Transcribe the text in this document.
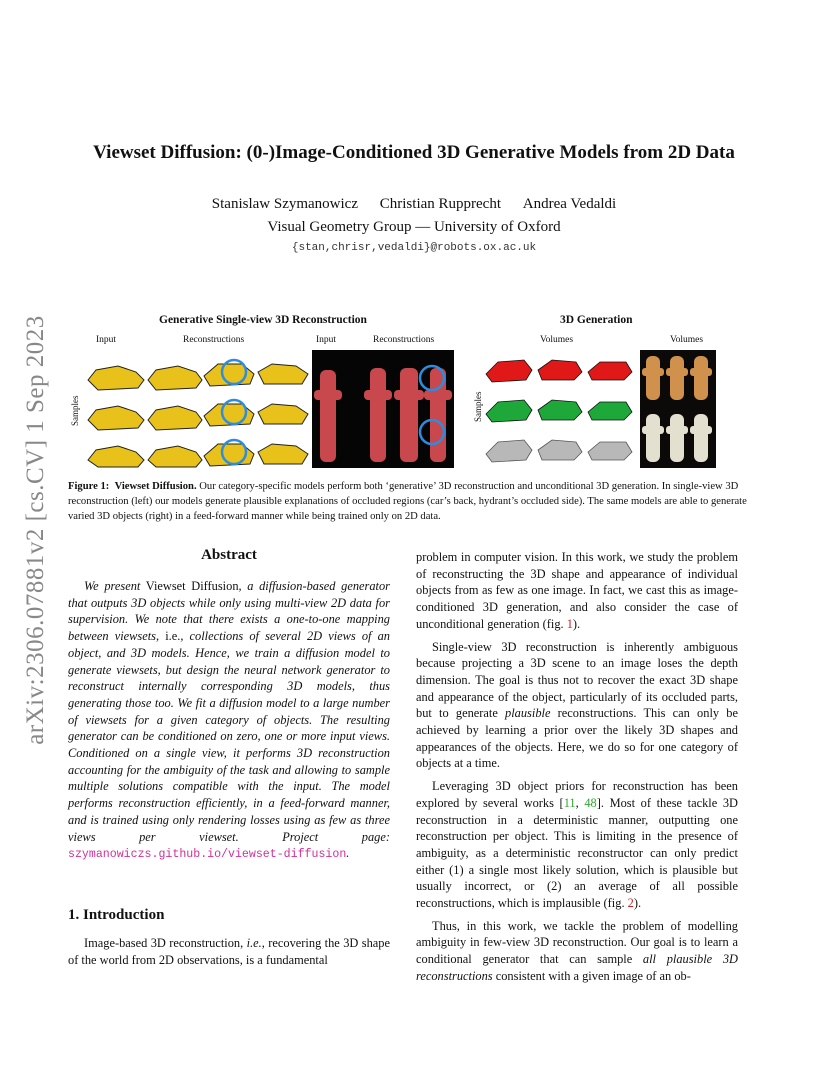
arXiv:2306.07881v2 [cs.CV] 1 Sep 2023
Viewset Diffusion: (0-)Image-Conditioned 3D Generative Models from 2D Data
Stanislaw Szymanowicz Christian Rupprecht Andrea Vedaldi
Visual Geometry Group — University of Oxford
{stan,chrisr,vedaldi}@robots.ox.ac.uk
Generative Single-view 3D Reconstruction	3D Generation
Input	Reconstructions	Input	Reconstructions	Volumes	Volumes
Samples	Samples
Figure 1: Viewset Diffusion. Our category-specific models perform both ‘generative’ 3D reconstruction and unconditional 3D generation. In single-view 3D reconstruction (left) our models generate plausible explanations of occluded regions (car’s back, hydrant’s occluded side). The same models are able to generate varied 3D objects (right) in a feed-forward manner while being trained only on 2D data.
Abstract

We present Viewset Diffusion, a diffusion-based generator that outputs 3D objects while only using multi-view 2D data for supervision. We note that there exists a one-to-one mapping between viewsets, i.e., collections of several 2D views of an object, and 3D models. Hence, we train a diffusion model to generate viewsets, but design the neural network generator to reconstruct internally corresponding 3D models, thus generating those too. We fit a diffusion model to a large number of viewsets for a given category of objects. The resulting generator can be conditioned on zero, one or more input views. Conditioned on a single view, it performs 3D reconstruction accounting for the ambiguity of the task and allowing to sample multiple solutions compatible with the input. The model performs reconstruction efficiently, in a feed-forward manner, and is trained using only rendering losses using as few as three views per viewset. Project page: szymanowiczs.github.io/viewset-diffusion.

1. Introduction

Image-based 3D reconstruction, i.e., recovering the 3D shape of the world from 2D observations, is a fundamental

problem in computer vision. In this work, we study the problem of reconstructing the 3D shape and appearance of individual objects from as few as one image. In fact, we cast this as image-conditioned 3D generation, and also consider the case of unconditional generation (fig. 1).

Single-view 3D reconstruction is inherently ambiguous because projecting a 3D scene to an image loses the depth dimension. The goal is thus not to recover the exact 3D shape and appearance of the object, particularly of its occluded parts, but to generate plausible reconstructions. This can only be achieved by learning a prior over the likely 3D shapes and appearances of the objects. Here, we do so for one category of objects at a time.

Leveraging 3D object priors for reconstruction has been explored by several works [11, 48]. Most of these tackle 3D reconstruction in a deterministic manner, outputting one reconstruction per object. This is limiting in the presence of ambiguity, as a deterministic reconstructor can only predict either (1) a single most likely solution, which is plausible but usually incorrect, or (2) an average of all possible reconstructions, which is implausible (fig. 2).

Thus, in this work, we tackle the problem of modelling ambiguity in few-view 3D reconstruction. Our goal is to learn a conditional generator that can sample all plausible 3D reconstructions consistent with a given image of an ob-
